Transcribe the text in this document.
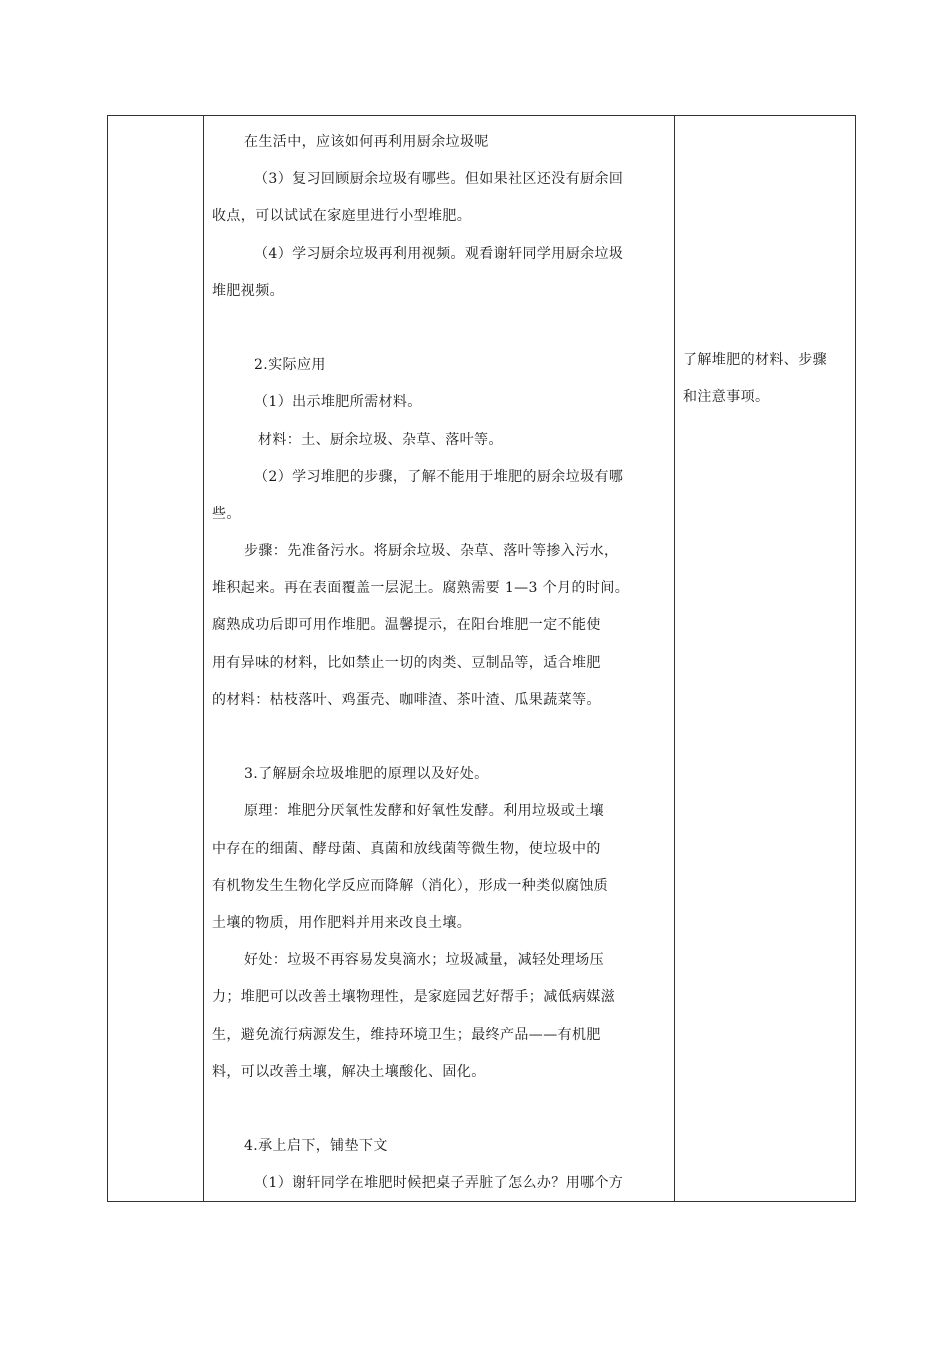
在生活中，应该如何再利用厨余垃圾呢
（3）复习回顾厨余垃圾有哪些。但如果社区还没有厨余回
收点，可以试试在家庭里进行小型堆肥。
（4）学习厨余垃圾再利用视频。观看谢轩同学用厨余垃圾
堆肥视频。
2.实际应用
（1）出示堆肥所需材料。
材料：土、厨余垃圾、杂草、落叶等。
（2）学习堆肥的步骤，了解不能用于堆肥的厨余垃圾有哪
些。
步骤：先准备污水。将厨余垃圾、杂草、落叶等掺入污水，
堆积起来。再在表面覆盖一层泥土。腐熟需要 1—3 个月的时间。
腐熟成功后即可用作堆肥。温馨提示，在阳台堆肥一定不能使
用有异味的材料，比如禁止一切的肉类、豆制品等，适合堆肥
的材料：枯枝落叶、鸡蛋壳、咖啡渣、茶叶渣、瓜果蔬菜等。
3.了解厨余垃圾堆肥的原理以及好处。
原理：堆肥分厌氧性发酵和好氧性发酵。利用垃圾或土壤
中存在的细菌、酵母菌、真菌和放线菌等微生物，使垃圾中的
有机物发生生物化学反应而降解（消化），形成一种类似腐蚀质
土壤的物质，用作肥料并用来改良土壤。
好处：垃圾不再容易发臭滴水；垃圾减量，减轻处理场压
力；堆肥可以改善土壤物理性，是家庭园艺好帮手；减低病媒滋
生，避免流行病源发生，维持环境卫生；最终产品——有机肥
料，可以改善土壤，解决土壤酸化、固化。
4.承上启下，铺垫下文
（1）谢轩同学在堆肥时候把桌子弄脏了怎么办？用哪个方
了解堆肥的材料、步骤
和注意事项。
